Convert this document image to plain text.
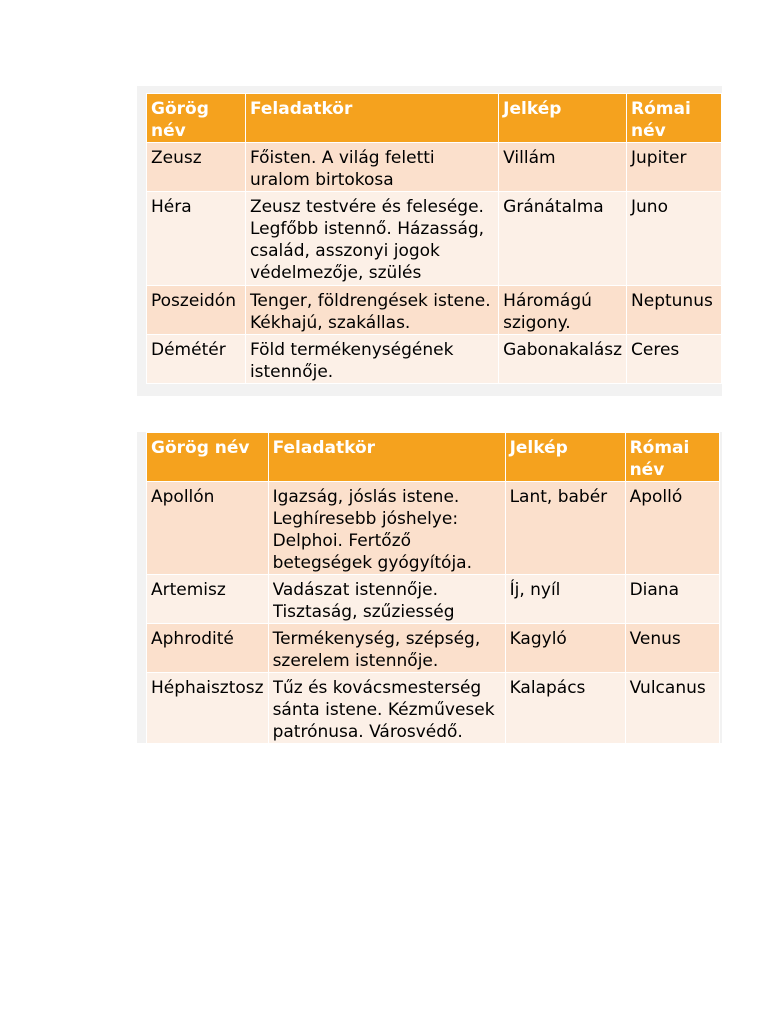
Görög név	Feladatkör	Jelkép	Római név
Zeusz	Főisten. A világ feletti uralom birtokosa	Villám	Jupiter
Héra	Zeusz testvére és felesége. Legfőbb istennő. Házasság, család, asszonyi jogok védelmezője, szülés	Gránátalma	Juno
Poszeidón	Tenger, földrengések istene. Kékhajú, szakállas.	Háromágú szigony.	Neptunus
Démétér	Föld termékenységének istennője.	Gabonakalász	Ceres
Görög név	Feladatkör	Jelkép	Római név
Apollón	Igazság, jóslás istene. Leghíresebb jóshelye: Delphoi. Fertőző betegségek gyógyítója.	Lant, babér	Apolló
Artemisz	Vadászat istennője. Tisztaság, szűziesség	Íj, nyíl	Diana
Aphrodité	Termékenység, szépség, szerelem istennője.	Kagyló	Venus

Héphaisztosz	Tűz és kovácsmesterség sánta istene. Kézművesek patrónusa. Városvédő.	Kalapács	Vulcanus
